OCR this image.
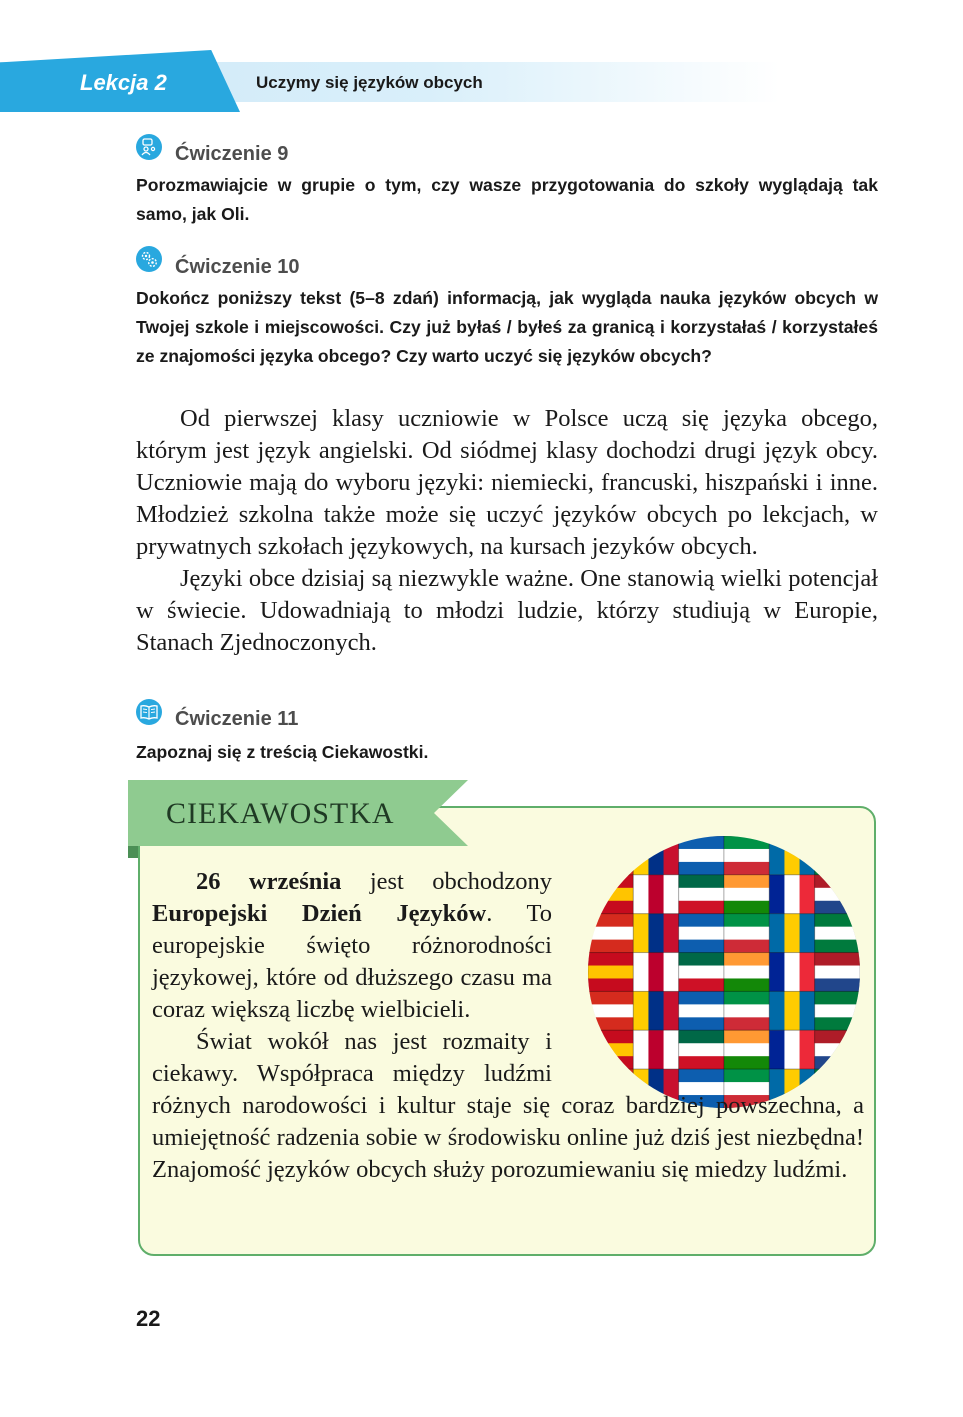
Lekcja 2	Uczymy się języków obcych
Ćwiczenie 9
Porozmawiajcie w grupie o tym, czy wasze przygotowania do szkoły wyglądają tak samo, jak Oli.
Ćwiczenie 10
Dokończ poniższy tekst (5–8 zdań) informacją, jak wygląda nauka języków obcych w Twojej szkole i miejscowości. Czy już byłaś / byłeś za granicą i korzystałaś / korzystałeś ze znajomości języka obcego? Czy warto uczyć się języków obcych?

Od pierwszej klasy uczniowie w Polsce uczą się języka obcego, którym jest język angielski. Od siódmej klasy dochodzi drugi język obcy. Uczniowie mają do wyboru języki: niemiecki, francuski, hiszpański i inne. Młodzież szkolna także może się uczyć języków obcych po lekcjach, w prywatnych szkołach językowych, na kursach jezyków obcych.

Języki obce dzisiaj są niezwykle ważne. One stanowią wielki potencjał w świecie. Udowadniają to młodzi ludzie, którzy studiują w Europie, Stanach Zjednoczonych.

Ćwiczenie 11
Zapoznaj się z treścią Ciekawostki.
CIEKAWOSTKA

26 września jest obchodzony Europejski Dzień Języków. To europejskie święto różnorodności językowej, które od dłuższego czasu ma coraz większą liczbę wielbicieli.

Świat wokół nas jest rozmaity i ciekawy. Współpraca między ludźmi różnych narodowości i kultur staje się coraz bardziej powszechna, a umiejętność radzenia sobie w środowisku online już dziś jest niezbędna! Znajomość języków obcych służy porozumiewaniu się miedzy ludźmi.

22
